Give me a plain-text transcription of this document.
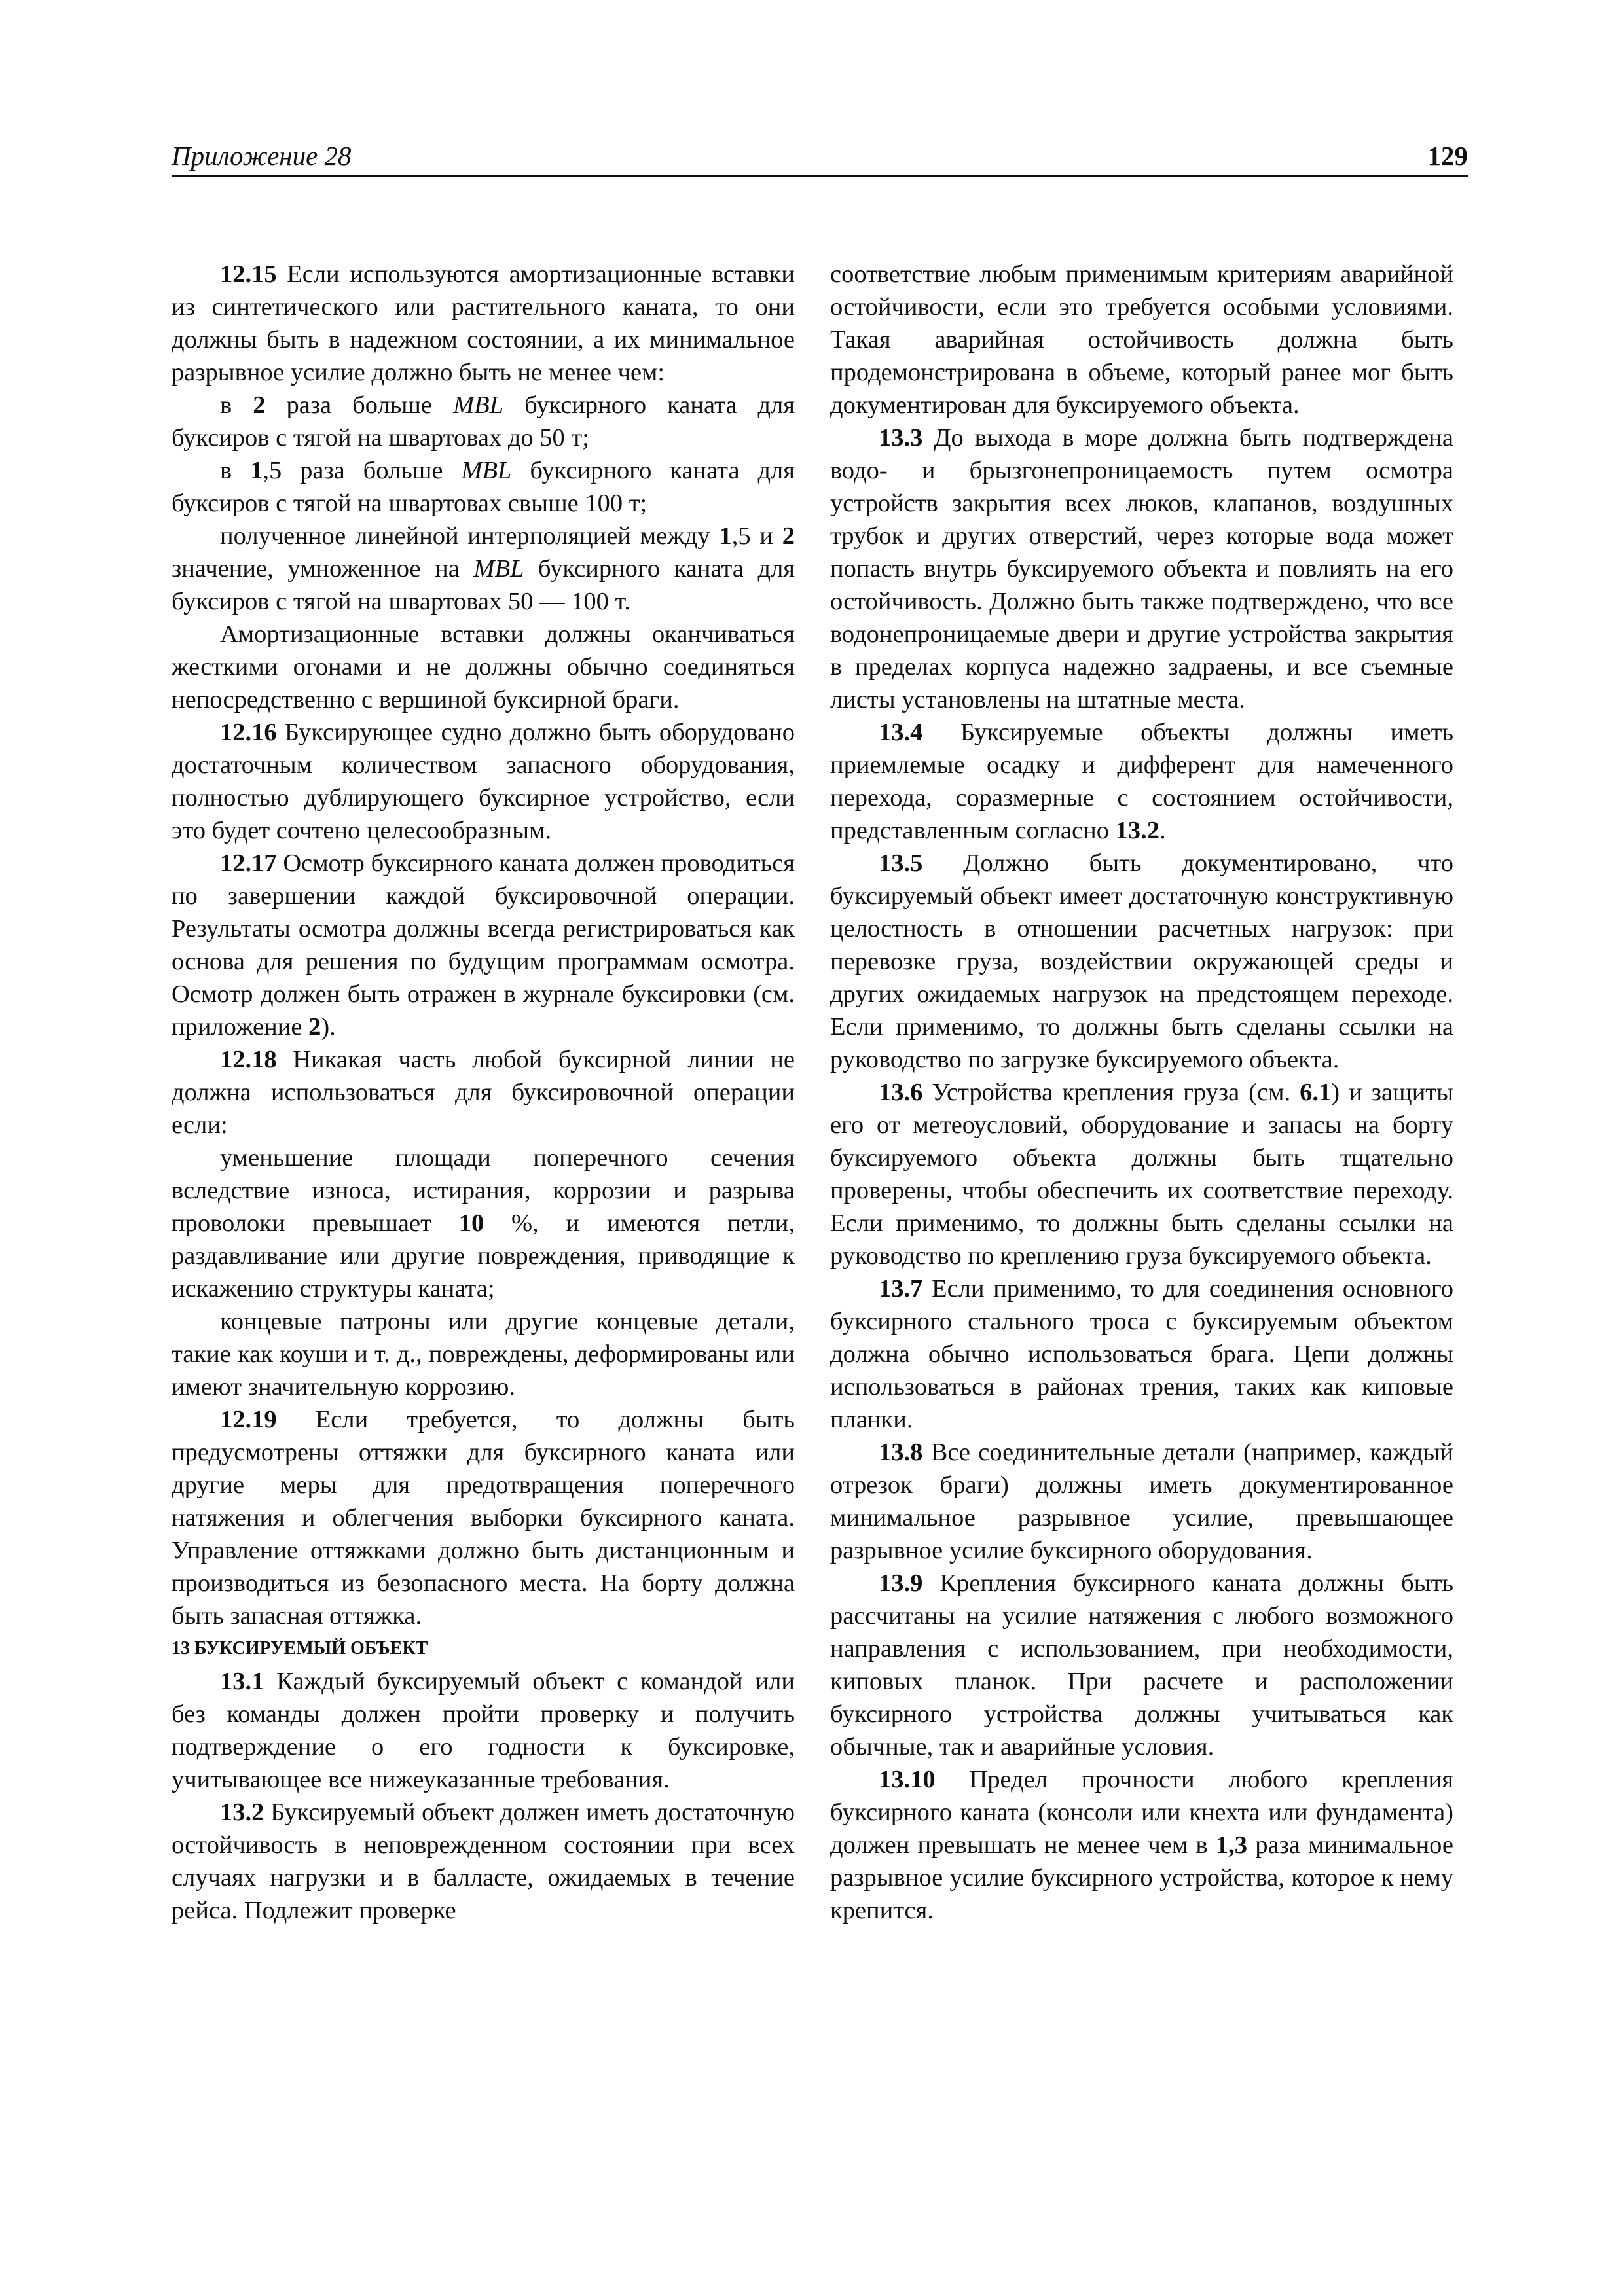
Приложение 28	129

12.15 Если используются амортизационные вставки из синтетического или растительного каната, то они должны быть в надежном состоянии, а их минимальное разрывное усилие должно быть не менее чем:

в 2 раза больше MBL буксирного каната для буксиров с тягой на швартовах до 50 т;

в 1,5 раза больше MBL буксирного каната для буксиров с тягой на швартовах свыше 100 т;

полученное линейной интерполяцией между 1,5 и 2 значение, умноженное на MBL буксирного каната для буксиров с тягой на швартовах 50 — 100 т.

Амортизационные вставки должны оканчиваться жесткими огонами и не должны обычно соединяться непосредственно с вершиной буксирной браги.

12.16 Буксирующее судно должно быть оборудовано достаточным количеством запасного оборудования, полностью дублирующего буксирное устройство, если это будет сочтено целесообразным.

12.17 Осмотр буксирного каната должен проводиться по завершении каждой буксировочной операции. Результаты осмотра должны всегда регистрироваться как основа для решения по будущим программам осмотра. Осмотр должен быть отражен в журнале буксировки (см. приложение 2).

12.18 Никакая часть любой буксирной линии не должна использоваться для буксировочной операции если:

уменьшение площади поперечного сечения вследствие износа, истирания, коррозии и разрыва проволоки превышает 10 %, и имеются петли, раздавливание или другие повреждения, приводящие к искажению структуры каната;

концевые патроны или другие концевые детали, такие как коуши и т. д., повреждены, деформированы или имеют значительную коррозию.

12.19 Если требуется, то должны быть предусмотрены оттяжки для буксирного каната или другие меры для предотвращения поперечного натяжения и облегчения выборки буксирного каната. Управление оттяжками должно быть дистанционным и производиться из безопасного места. На борту должна быть запасная оттяжка.

13 БУКСИРУЕМЫЙ ОБЪЕКТ

13.1 Каждый буксируемый объект с командой или без команды должен пройти проверку и получить подтверждение о его годности к буксировке, учитывающее все нижеуказанные требования.

13.2 Буксируемый объект должен иметь достаточную остойчивость в неповрежденном состоянии при всех случаях нагрузки и в балласте, ожидаемых в течение рейса. Подлежит проверке

соответствие любым применимым критериям аварийной остойчивости, если это требуется особыми условиями. Такая аварийная остойчивость должна быть продемонстрирована в объеме, который ранее мог быть документирован для буксируемого объекта.

13.3 До выхода в море должна быть подтверждена водо- и брызгонепроницаемость путем осмотра устройств закрытия всех люков, клапанов, воздушных трубок и других отверстий, через которые вода может попасть внутрь буксируемого объекта и повлиять на его остойчивость. Должно быть также подтверждено, что все водонепроницаемые двери и другие устройства закрытия в пределах корпуса надежно задраены, и все съемные листы установлены на штатные места.

13.4 Буксируемые объекты должны иметь приемлемые осадку и дифферент для намеченного перехода, соразмерные с состоянием остойчивости, представленным согласно 13.2.

13.5 Должно быть документировано, что буксируемый объект имеет достаточную конструктивную целостность в отношении расчетных нагрузок: при перевозке груза, воздействии окружающей среды и других ожидаемых нагрузок на предстоящем переходе. Если применимо, то должны быть сделаны ссылки на руководство по загрузке буксируемого объекта.

13.6 Устройства крепления груза (см. 6.1) и защиты его от метеоусловий, оборудование и запасы на борту буксируемого объекта должны быть тщательно проверены, чтобы обеспечить их соответствие переходу. Если применимо, то должны быть сделаны ссылки на руководство по креплению груза буксируемого объекта.

13.7 Если применимо, то для соединения основного буксирного стального троса с буксируемым объектом должна обычно использоваться брага. Цепи должны использоваться в районах трения, таких как киповые планки.

13.8 Все соединительные детали (например, каждый отрезок браги) должны иметь документированное минимальное разрывное усилие, превышающее разрывное усилие буксирного оборудования.

13.9 Крепления буксирного каната должны быть рассчитаны на усилие натяжения с любого возможного направления с использованием, при необходимости, киповых планок. При расчете и расположении буксирного устройства должны учитываться как обычные, так и аварийные условия.

13.10 Предел прочности любого крепления буксирного каната (консоли или кнехта или фундамента) должен превышать не менее чем в 1,3 раза минимальное разрывное усилие буксирного устройства, которое к нему крепится.
